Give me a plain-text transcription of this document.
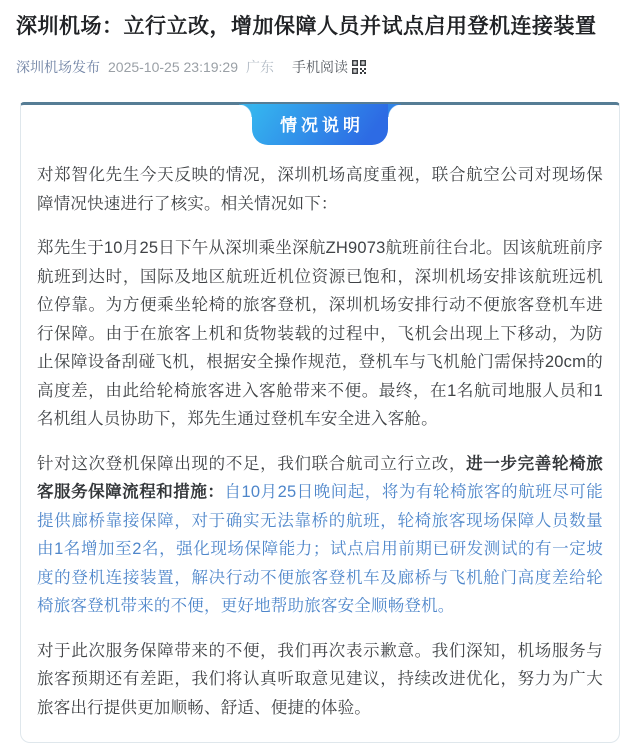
深圳机场：立行立改，增加保障人员并试点启用登机连接装置
深圳机场发布 2025-10-25 23:19:29 广东 手机阅读
情况说明

对郑智化先生今天反映的情况，深圳机场高度重视，联合航空公司对现场保障情况快速进行了核实。相关情况如下：

郑先生于10月25日下午从深圳乘坐深航ZH9073航班前往台北。因该航班前序航班到达时，国际及地区航班近机位资源已饱和，深圳机场安排该航班远机位停靠。为方便乘坐轮椅的旅客登机，深圳机场安排行动不便旅客登机车进行保障。由于在旅客上机和货物装载的过程中，飞机会出现上下移动，为防止保障设备刮碰飞机，根据安全操作规范，登机车与飞机舱门需保持20cm的高度差，由此给轮椅旅客进入客舱带来不便。最终，在1名航司地服人员和1名机组人员协助下，郑先生通过登机车安全进入客舱。

针对这次登机保障出现的不足，我们联合航司立行立改，进一步完善轮椅旅客服务保障流程和措施：自10月25日晚间起，将为有轮椅旅客的航班尽可能提供廊桥靠接保障，对于确实无法靠桥的航班，轮椅旅客现场保障人员数量由1名增加至2名，强化现场保障能力；试点启用前期已研发测试的有一定坡度的登机连接装置，解决行动不便旅客登机车及廊桥与飞机舱门高度差给轮椅旅客登机带来的不便，更好地帮助旅客安全顺畅登机。

对于此次服务保障带来的不便，我们再次表示歉意。我们深知，机场服务与旅客预期还有差距，我们将认真听取意见建议，持续改进优化，努力为广大旅客出行提供更加顺畅、舒适、便捷的体验。
